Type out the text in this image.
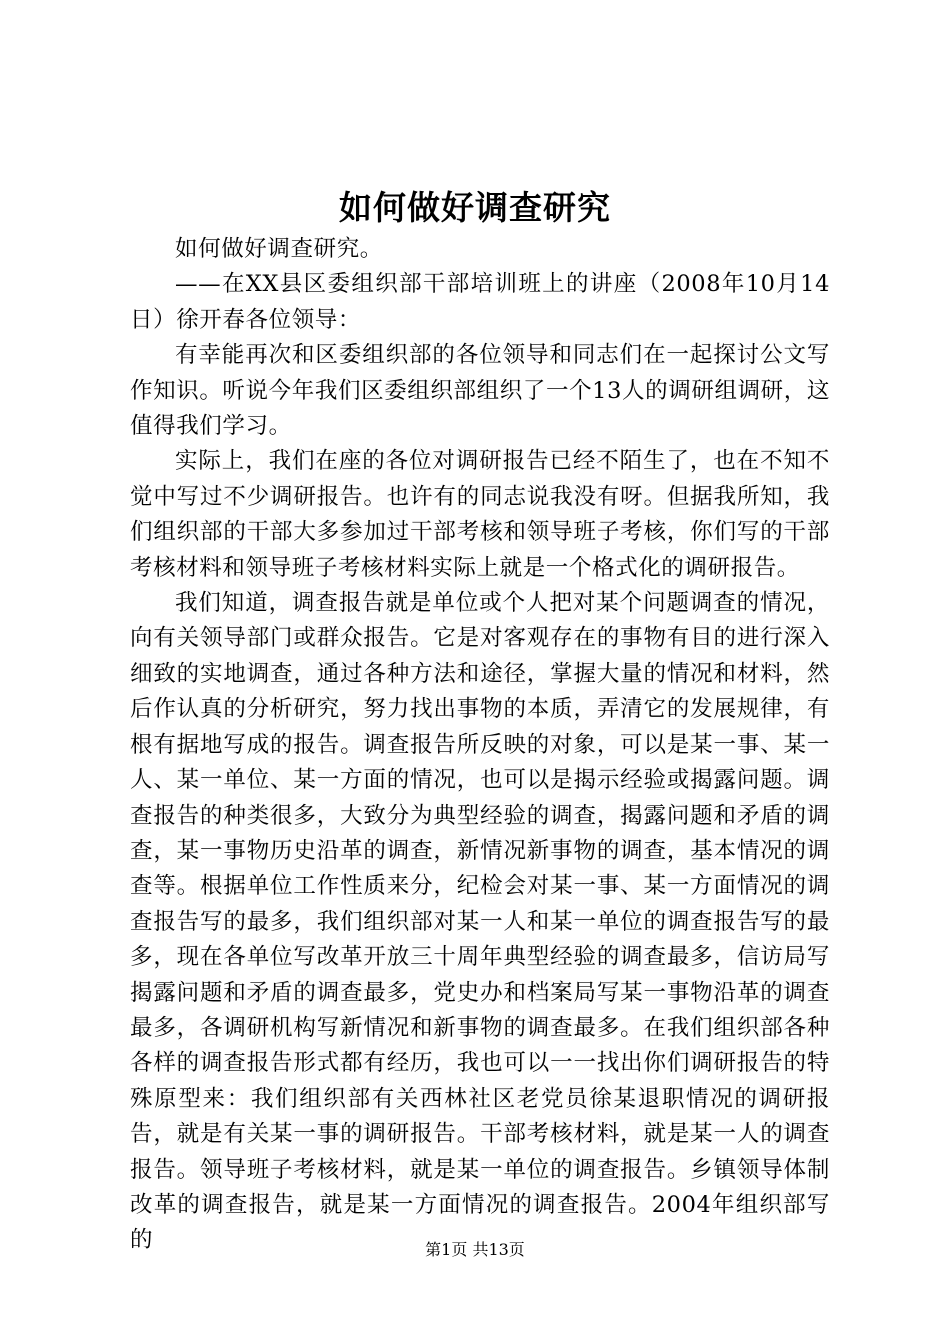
如何做好调查研究

如何做好调查研究。

——在XX县区委组织部干部培训班上的讲座（2008年10月14日）徐开春各位领导：

有幸能再次和区委组织部的各位领导和同志们在一起探讨公文写作知识。听说今年我们区委组织部组织了一个13人的调研组调研，这值得我们学习。

实际上，我们在座的各位对调研报告已经不陌生了，也在不知不觉中写过不少调研报告。也许有的同志说我没有呀。但据我所知，我们组织部的干部大多参加过干部考核和领导班子考核，你们写的干部考核材料和领导班子考核材料实际上就是一个格式化的调研报告。

我们知道，调查报告就是单位或个人把对某个问题调查的情况，向有关领导部门或群众报告。它是对客观存在的事物有目的进行深入细致的实地调查，通过各种方法和途径，掌握大量的情况和材料，然后作认真的分析研究，努力找出事物的本质，弄清它的发展规律，有根有据地写成的报告。调查报告所反映的对象，可以是某一事、某一人、某一单位、某一方面的情况，也可以是揭示经验或揭露问题。调查报告的种类很多，大致分为典型经验的调查，揭露问题和矛盾的调查，某一事物历史沿革的调查，新情况新事物的调查，基本情况的调查等。根据单位工作性质来分，纪检会对某一事、某一方面情况的调查报告写的最多，我们组织部对某一人和某一单位的调查报告写的最多，现在各单位写改革开放三十周年典型经验的调查最多，信访局写揭露问题和矛盾的调查最多，党史办和档案局写某一事物沿革的调查最多，各调研机构写新情况和新事物的调查最多。在我们组织部各种各样的调查报告形式都有经历，我也可以一一找出你们调研报告的特殊原型来：我们组织部有关西林社区老党员徐某退职情况的调研报告，就是有关某一事的调研报告。干部考核材料，就是某一人的调查报告。领导班子考核材料，就是某一单位的调查报告。乡镇领导体制改革的调查报告，就是某一方面情况的调查报告。2004年组织部写的	第1页 共13页
